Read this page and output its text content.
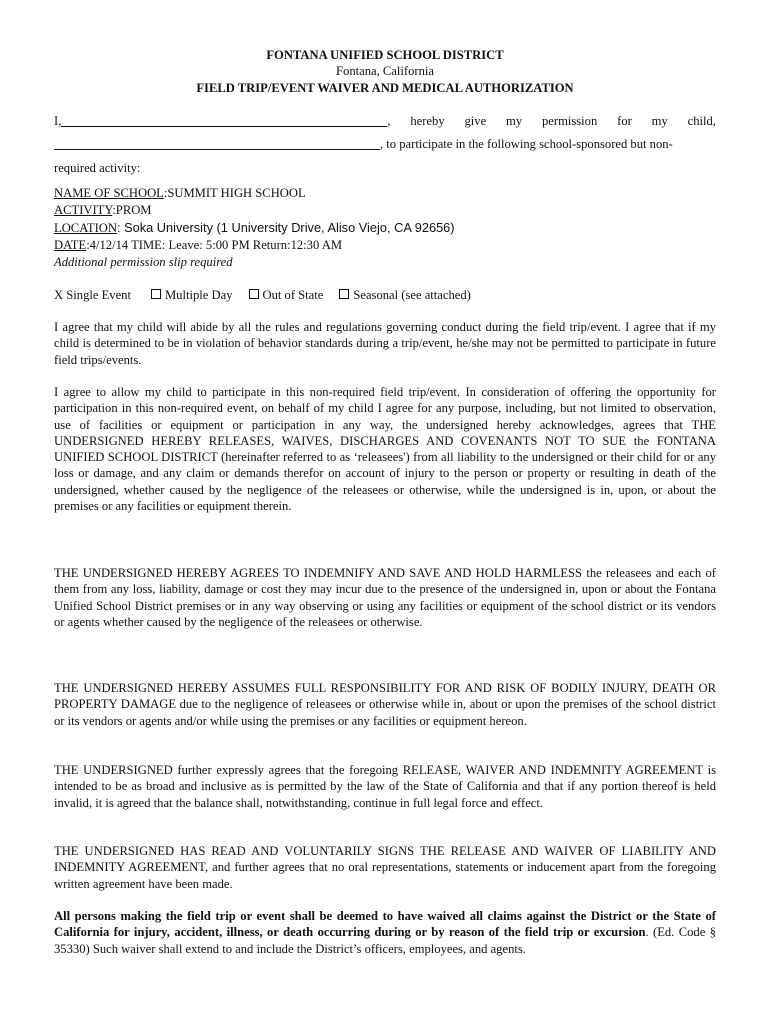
FONTANA UNIFIED SCHOOL DISTRICT
Fontana, California
FIELD TRIP/EVENT WAIVER AND MEDICAL AUTHORIZATION
I,	, hereby give my permission for my child,
, to participate in the following school-sponsored but non-
required activity:
NAME OF SCHOOL:SUMMIT HIGH SCHOOL
ACTIVITY:PROM
LOCATION: Soka University (1 University Drive, Aliso Viejo, CA 92656)
DATE:4/12/14 TIME: Leave: 5:00 PM Return:12:30 AM
Additional permission slip required
X Single Event	Multiple Day	Out of State	Seasonal (see attached)

I agree that my child will abide by all the rules and regulations governing conduct during the field trip/event. I agree that if my child is determined to be in violation of behavior standards during a trip/event, he/she may not be permitted to participate in future field trips/events.

I agree to allow my child to participate in this non-required field trip/event. In consideration of offering the opportunity for participation in this non-required event, on behalf of my child I agree for any purpose, including, but not limited to observation, use of facilities or equipment or participation in any way, the undersigned hereby acknowledges, agrees that THE UNDERSIGNED HEREBY RELEASES, WAIVES, DISCHARGES AND COVENANTS NOT TO SUE the FONTANA UNIFIED SCHOOL DISTRICT (hereinafter referred to as ‘releasees') from all liability to the undersigned or their child for or any loss or damage, and any claim or demands therefor on account of injury to the person or property or resulting in death of the undersigned, whether caused by the negligence of the releasees or otherwise, while the undersigned is in, upon, or about the premises or any facilities or equipment therein.

THE UNDERSIGNED HEREBY AGREES TO INDEMNIFY AND SAVE AND HOLD HARMLESS the releasees and each of them from any loss, liability, damage or cost they may incur due to the presence of the undersigned in, upon or about the Fontana Unified School District premises or in any way observing or using any facilities or equipment of the school district or its vendors or agents whether caused by the negligence of the releasees or otherwise.

THE UNDERSIGNED HEREBY ASSUMES FULL RESPONSIBILITY FOR AND RISK OF BODILY INJURY, DEATH OR PROPERTY DAMAGE due to the negligence of releasees or otherwise while in, about or upon the premises of the school district or its vendors or agents and/or while using the premises or any facilities or equipment hereon.

THE UNDERSIGNED further expressly agrees that the foregoing RELEASE, WAIVER AND INDEMNITY AGREEMENT is intended to be as broad and inclusive as is permitted by the law of the State of California and that if any portion thereof is held invalid, it is agreed that the balance shall, notwithstanding, continue in full legal force and effect.

THE UNDERSIGNED HAS READ AND VOLUNTARILY SIGNS THE RELEASE AND WAIVER OF LIABILITY AND INDEMNITY AGREEMENT, and further agrees that no oral representations, statements or inducement apart from the foregoing written agreement have been made.

All persons making the field trip or event shall be deemed to have waived all claims against the District or the State of California for injury, accident, illness, or death occurring during or by reason of the field trip or excursion. (Ed. Code § 35330) Such waiver shall extend to and include the District’s officers, employees, and agents.
